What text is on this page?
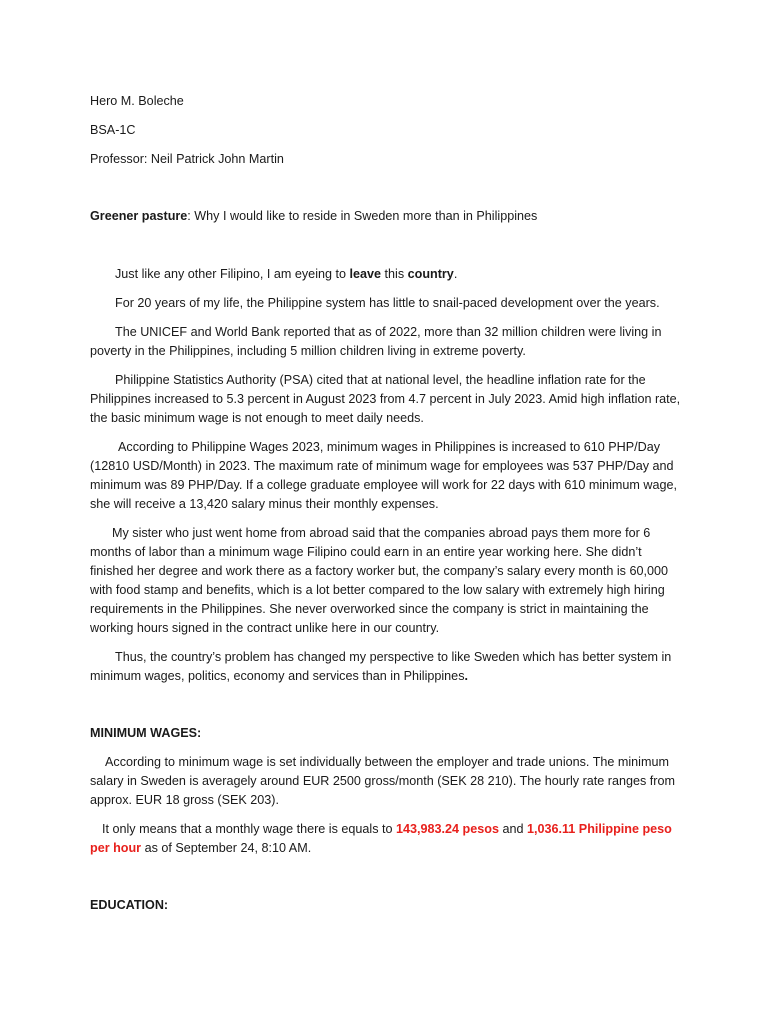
Hero M. Boleche

BSA-1C

Professor: Neil Patrick John Martin

Greener pasture: Why I would like to reside in Sweden more than in Philippines

Just like any other Filipino, I am eyeing to leave this country.

For 20 years of my life, the Philippine system has little to snail-paced development over the years.

The UNICEF and World Bank reported that as of 2022, more than 32 million children were living in poverty in the Philippines, including 5 million children living in extreme poverty.

Philippine Statistics Authority (PSA) cited that at national level, the headline inflation rate for the Philippines increased to 5.3 percent in August 2023 from 4.7 percent in July 2023. Amid high inflation rate, the basic minimum wage is not enough to meet daily needs.

According to Philippine Wages 2023, minimum wages in Philippines is increased to 610 PHP/Day (12810 USD/Month) in 2023. The maximum rate of minimum wage for employees was 537 PHP/Day and minimum was 89 PHP/Day. If a college graduate employee will work for 22 days with 610 minimum wage, she will receive a 13,420 salary minus their monthly expenses.

My sister who just went home from abroad said that the companies abroad pays them more for 6 months of labor than a minimum wage Filipino could earn in an entire year working here. She didn’t finished her degree and work there as a factory worker but, the company’s salary every month is 60,000 with food stamp and benefits, which is a lot better compared to the low salary with extremely high hiring requirements in the Philippines. She never overworked since the company is strict in maintaining the working hours signed in the contract unlike here in our country.

Thus, the country’s problem has changed my perspective to like Sweden which has better system in minimum wages, politics, economy and services than in Philippines.

MINIMUM WAGES:

According to minimum wage is set individually between the employer and trade unions. The minimum salary in Sweden is averagely around EUR 2500 gross/month (SEK 28 210). The hourly rate ranges from approx. EUR 18 gross (SEK 203).

It only means that a monthly wage there is equals to 143,983.24 pesos and 1,036.11 Philippine peso per hour as of September 24, 8:10 AM.

EDUCATION:
